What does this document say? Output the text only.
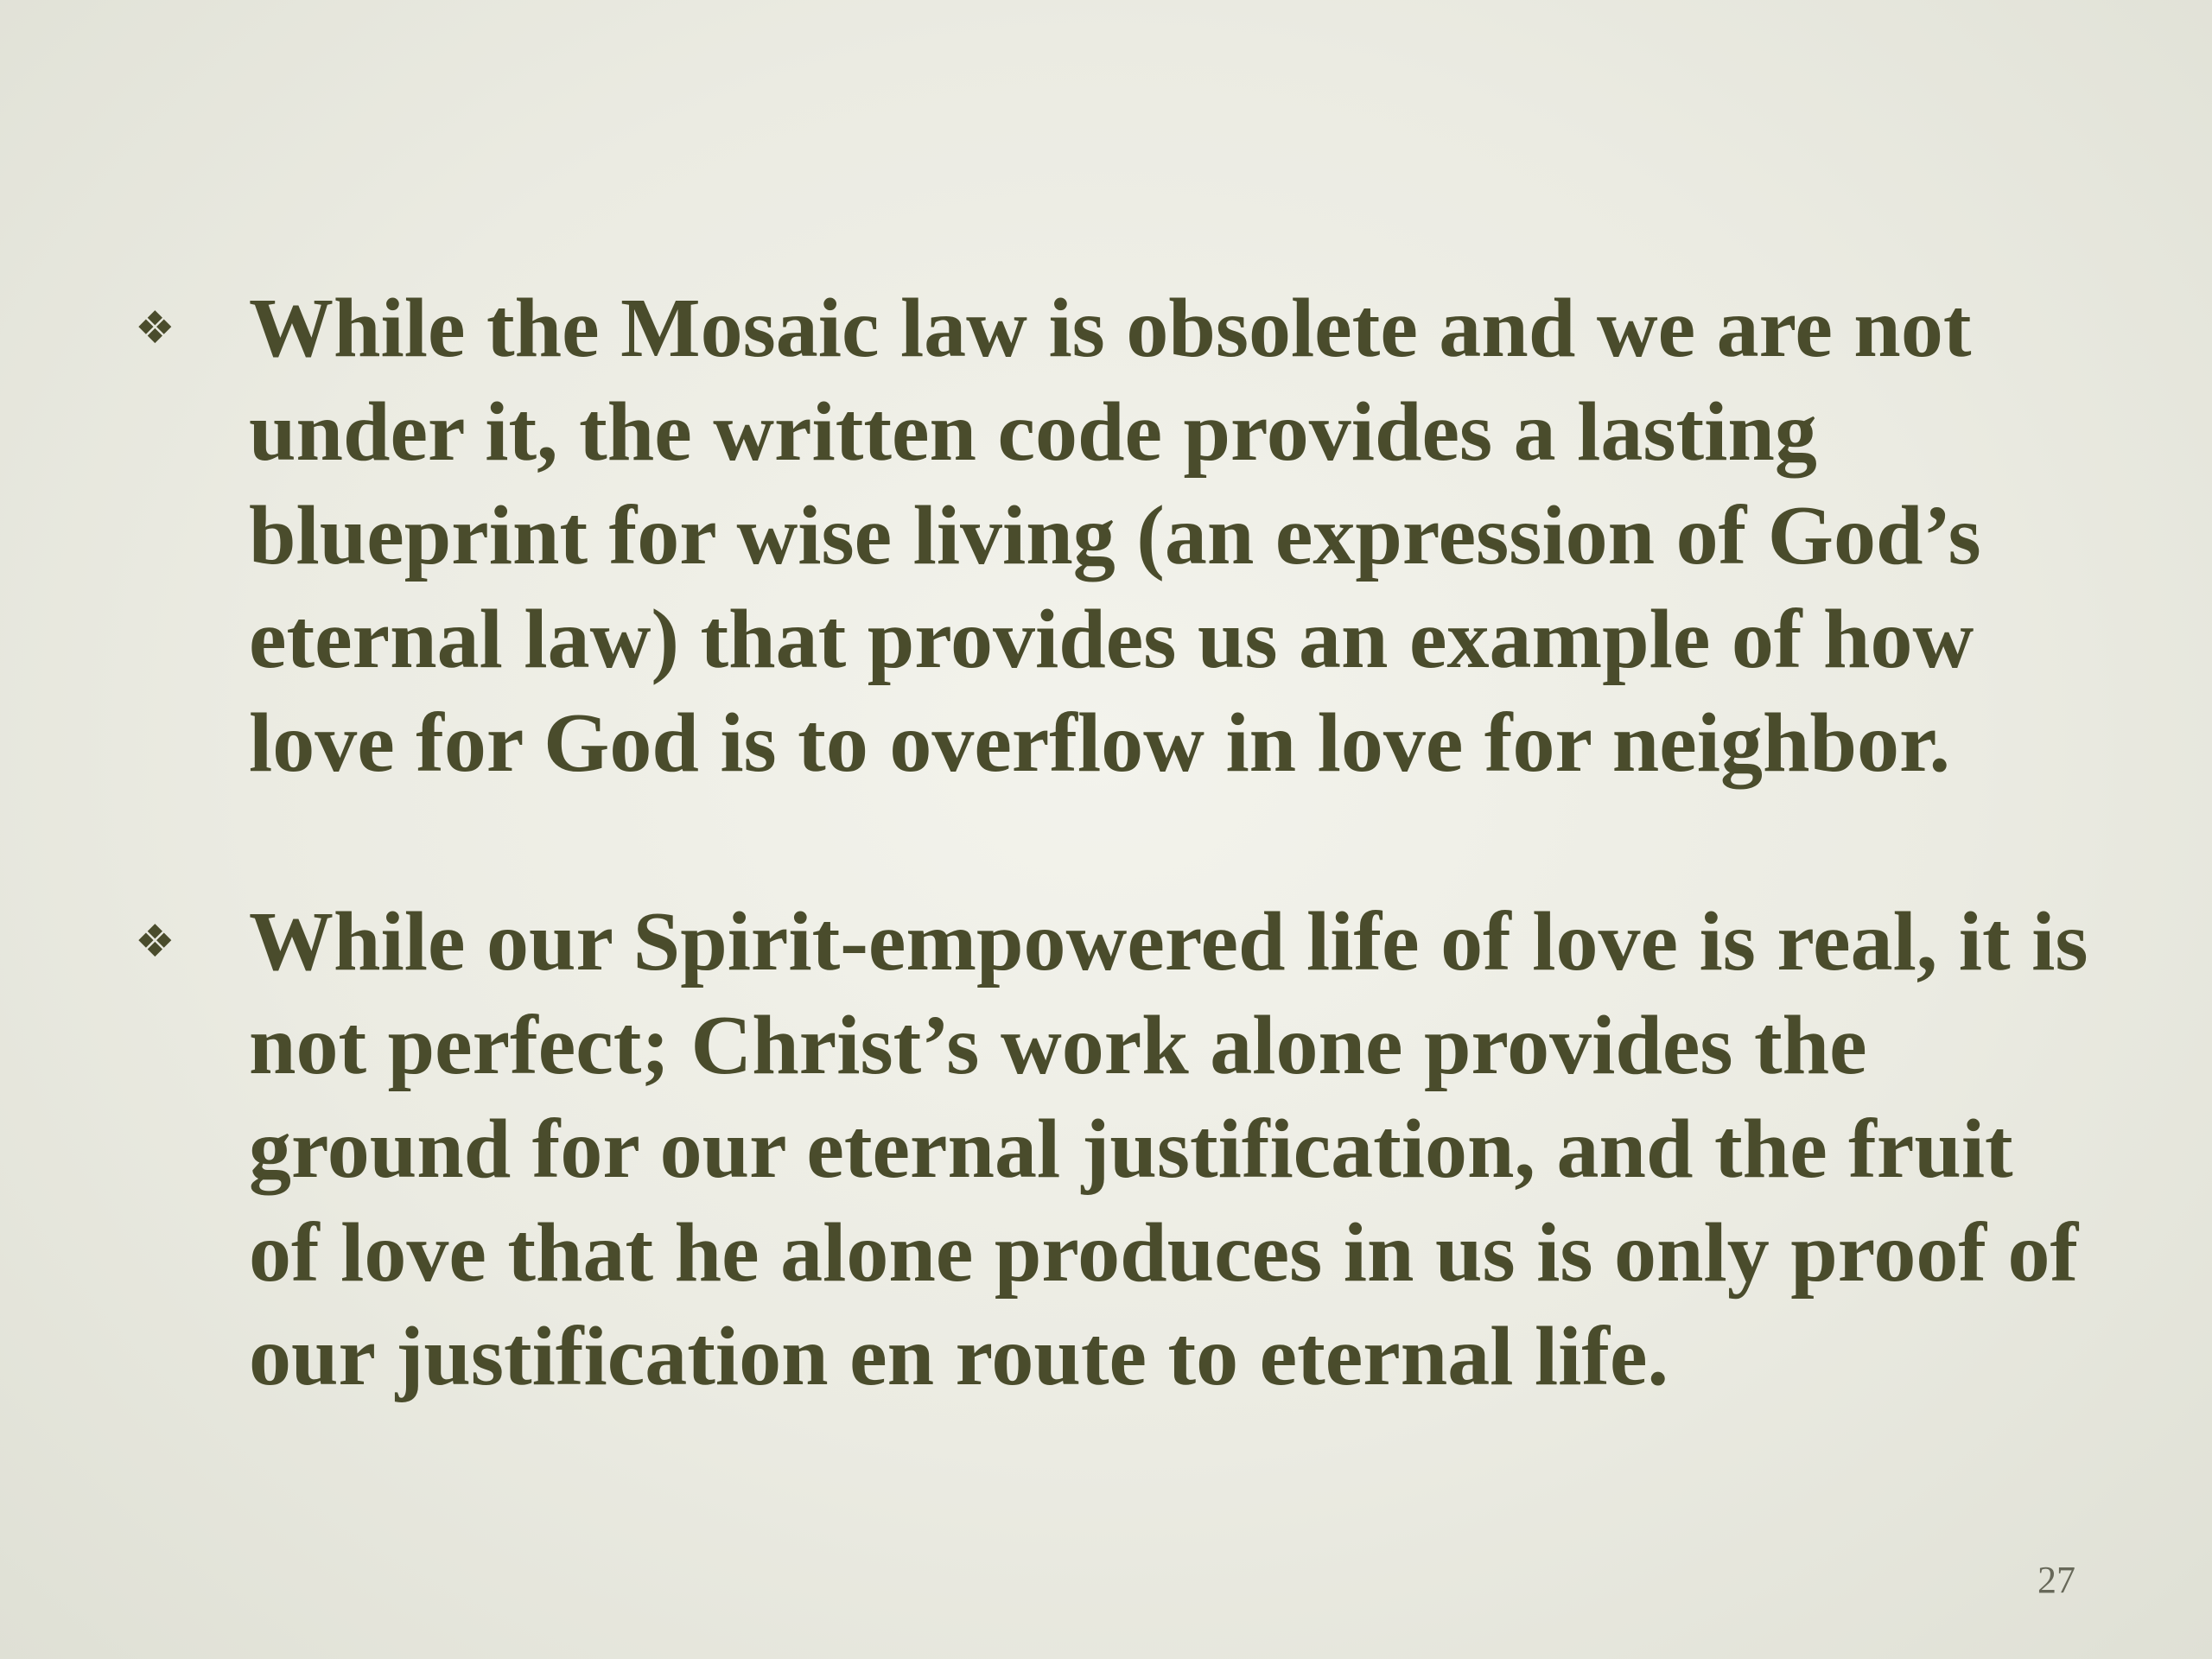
❖ While the Mosaic law is obsolete and we are not under it, the written code provides a lasting blueprint for wise living (an expression of God’s eternal law) that provides us an example of how love for God is to overflow in love for neighbor.
❖ While our Spirit-empowered life of love is real, it is not perfect; Christ’s work alone provides the ground for our eternal justification, and the fruit of love that he alone produces in us is only proof of our justification en route to eternal life.
27
